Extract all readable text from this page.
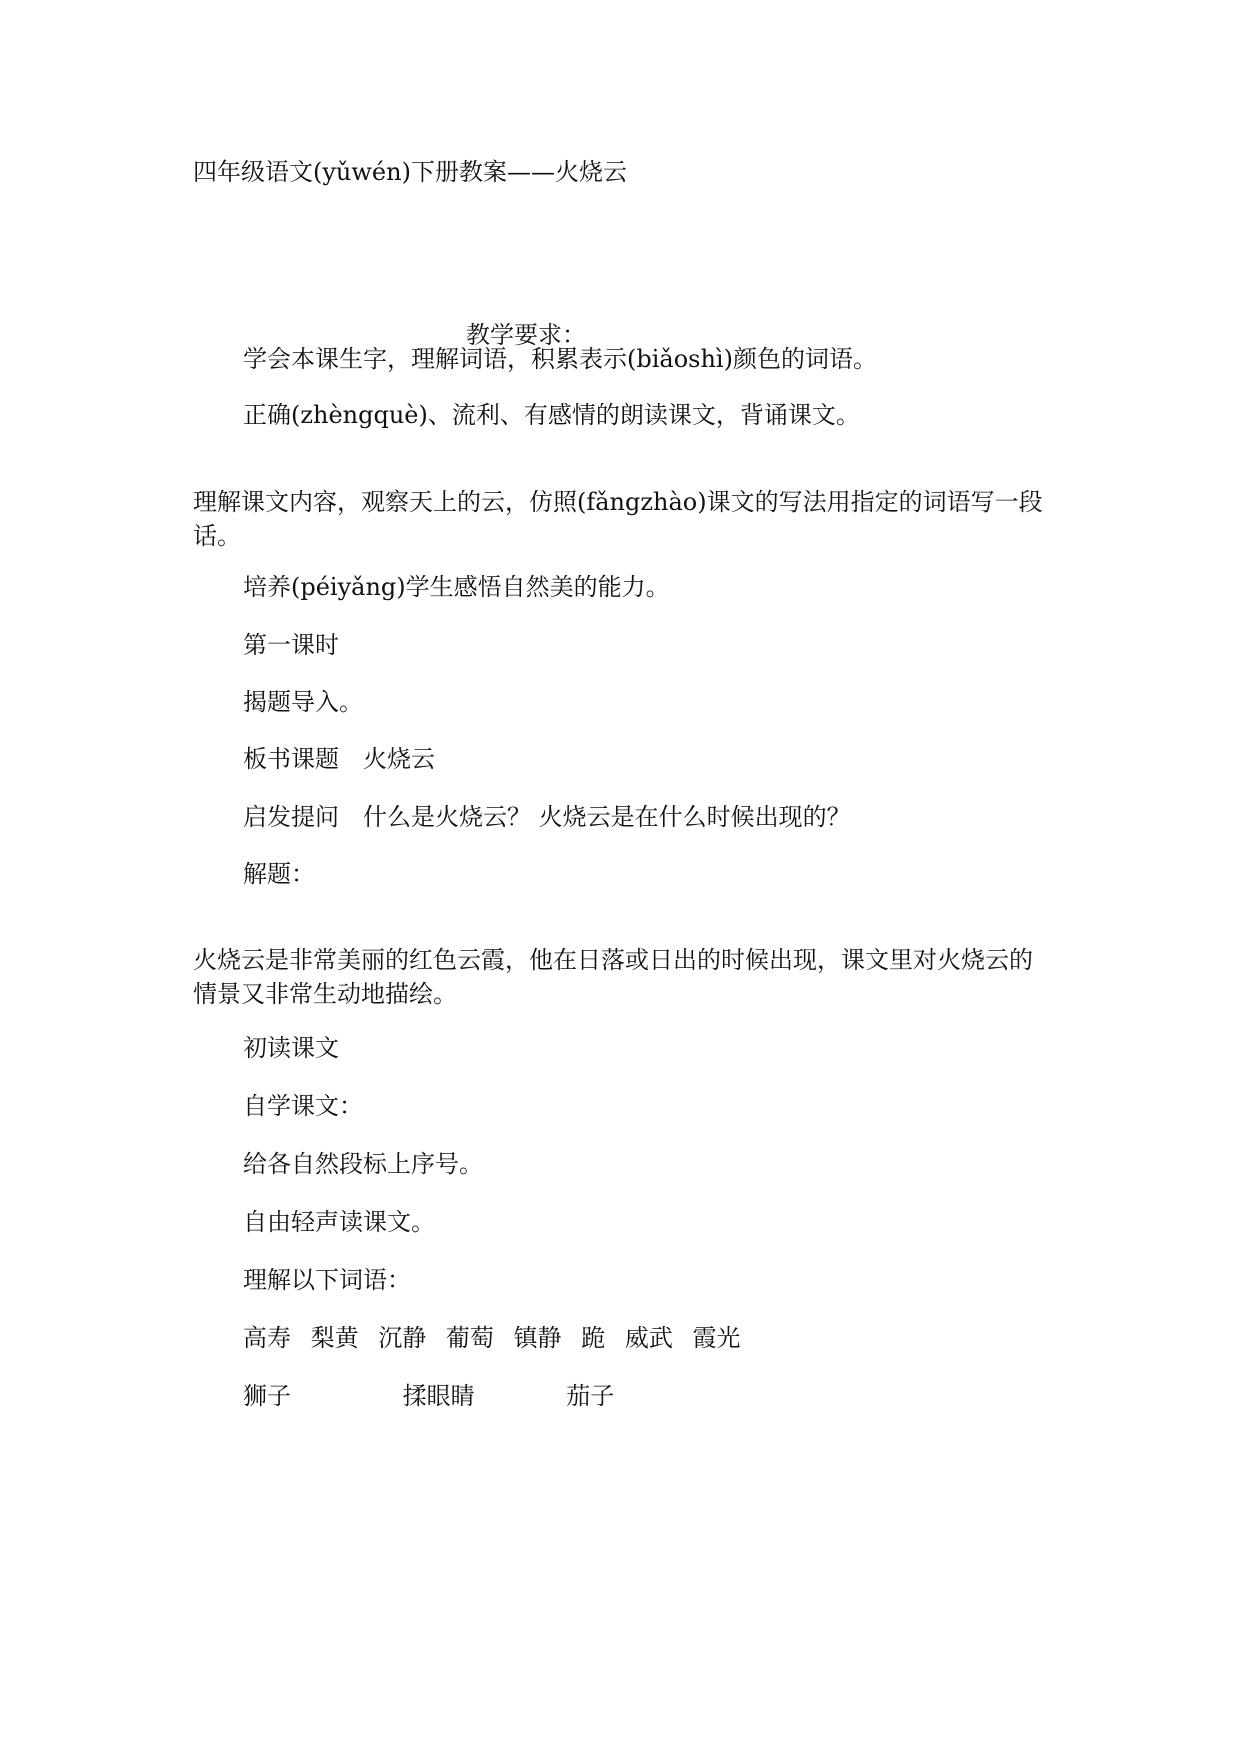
四年级语文(yǔwén)下册教案——火烧云
教学要求：
学会本课生字，理解词语，积累表示(biǎoshì)颜色的词语。
正确(zhèngquè)、流利、有感情的朗读课文，背诵课文。
理解课文内容，观察天上的云，仿照(fǎngzhào)课文的写法用指定的词语写一段话。
培养(péiyǎng)学生感悟自然美的能力。
第一课时
揭题导入。
板书课题　火烧云
启发提问　什么是火烧云？ 火烧云是在什么时候出现的？
解题：
火烧云是非常美丽的红色云霞，他在日落或日出的时候出现，课文里对火烧云的情景又非常生动地描绘。
初读课文
自学课文：
给各自然段标上序号。
自由轻声读课文。
理解以下词语：
高寿 梨黄 沉静 葡萄 镇静 跪 威武 霞光
狮子	揉眼睛	茄子
